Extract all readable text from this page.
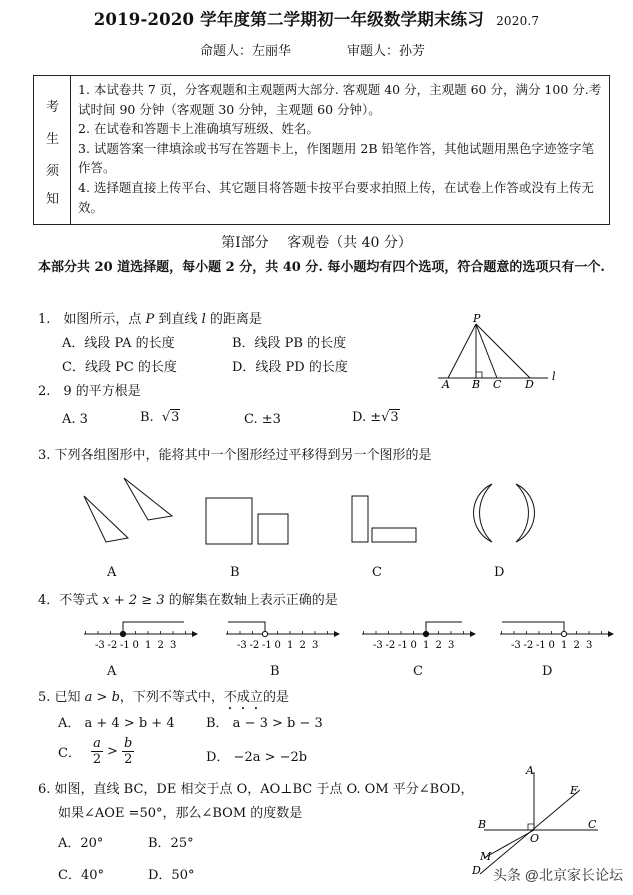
2019-2020 学年度第二学期初一年级数学期末练习 2020.7
命题人：左丽华	审题人：孙芳
考
生
须
知
1. 本试卷共 7 页，分客观题和主观题两大部分. 客观题 40 分，主观题 60 分，满分 100 分.考试时间 90 分钟（客观题 30 分钟，主观题 60 分钟）。
2. 在试卷和答题卡上准确填写班级、姓名。
3. 试题答案一律填涂或书写在答题卡上，作图题用 2B 铅笔作答，其他试题用黑色字迹签字笔作答。
4. 选择题直接上传平台、其它题目将答题卡按平台要求拍照上传，在试卷上作答或没有上传无效。
第Ⅰ部分　 客观卷（共 40 分）
本部分共 20 道选择题，每小题 2 分，共 40 分. 每小题均有四个选项，符合题意的选项只有一个.
1.　如图所示，点 P 到直线 l 的距离是
A．线段 PA 的长度	B．线段 PB 的长度
C．线段 PC 的长度	D．线段 PD 的长度
P
A B C D
l
2.　9 的平方根是
A. 3	B. √3	C. ±3	D. ±√3
3. 下列各组图形中，能将其中一个图形经过平移得到另一个图形的是
A	B	C	D
4．不等式 x + 2 ≥ 3 的解集在数轴上表示正确的是
-3 -2 -1 0 1 2 3	-3 -2 -1 0 1 2 3	-3 -2 -1 0 1 2 3	-3 -2 -1 0 1 2 3
A	B	C	D
5. 已知 a > b，下列不等式中，不成立的是
A． a + 4 > b + 4 B． a − 3 > b − 3
C． $\frac{a}{2} > \frac{b}{2}$	D． −2a > −2b
6. 如图，直线 BC，DE 相交于点 O，AO⊥BC 于点 O. OM 平分∠BOD，
如果∠AOE =50°，那么∠BOM 的度数是
A．20°	B．25°
C．40°	D．50°
A
E
B
O
C
M
D 头条 @北京家长论坛
